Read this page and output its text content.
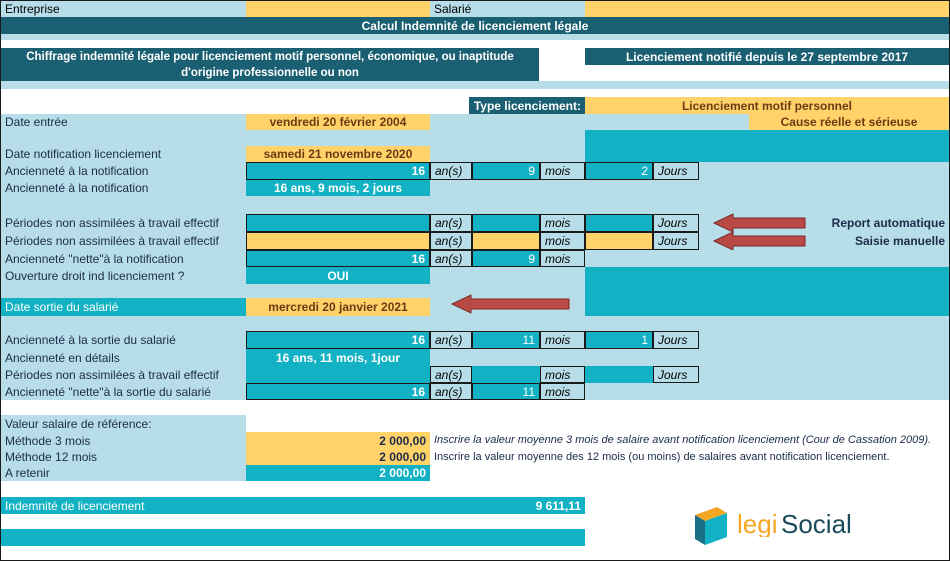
Entreprise	Salarié
Calcul Indemnité de licenciement légale
Chiffrage indemnité légale pour licenciement motif personnel, économique, ou inaptitude d'origine professionnelle ou non
Licenciement notifié depuis le 27 septembre 2017
Type licenciement:	Licenciement motif personnel
Date entrée	vendredi 20 février 2004	Cause réelle et sérieuse
Date notification licenciement	samedi 21 novembre 2020
Ancienneté à la notification	16 an(s)	9 mois	2 Jours
Ancienneté à la notification	16 ans, 9 mois, 2 jours
Périodes non assimilées à travail effectif	an(s)	mois	Jours	Report automatique
Périodes non assimilées à travail effectif	an(s)	mois	Jours	Saisie manuelle
Ancienneté "nette"à la notification	16 an(s)	9 mois
Ouverture droit ind licenciement ?	OUI
Date sortie du salarié	mercredi 20 janvier 2021
Ancienneté à la sortie du salarié	16 an(s)	11 mois	1 Jours
Ancienneté en détails	16 ans, 11 mois, 1jour
Périodes non assimilées à travail effectif	an(s)	mois	Jours
Ancienneté "nette"à la sortie du salarié	16 an(s)	11 mois
Valeur salaire de référence:
Méthode 3 mois	2 000,00 Inscrire la valeur moyenne 3 mois de salaire avant notification licenciement (Cour de Cassation 2009).
Méthode 12 mois	2 000,00 Inscrire la valeur moyenne des 12 mois (ou moins) de salaires avant notification licenciement.
A retenir	2 000,00
Indemnité de licenciement	9 611,11
legi Social
